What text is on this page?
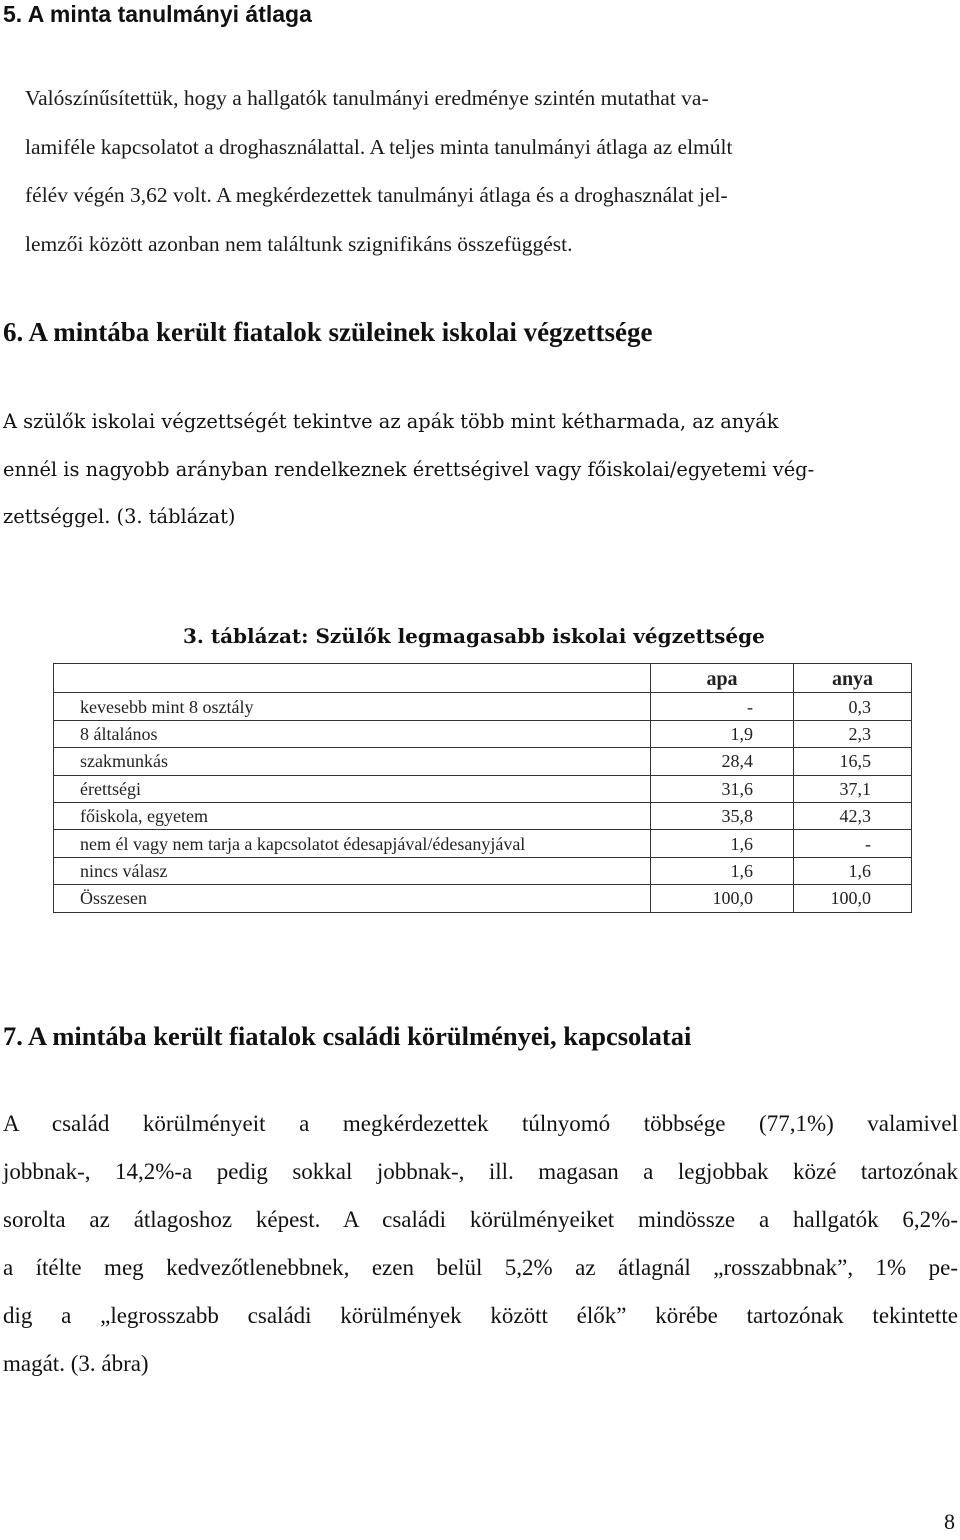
5. A minta tanulmányi átlaga

Valószínűsítettük, hogy a hallgatók tanulmányi eredménye szintén mutathat va-
lamiféle kapcsolatot a droghasználattal. A teljes minta tanulmányi átlaga az elmúlt
félév végén 3,62 volt. A megkérdezettek tanulmányi átlaga és a droghasználat jel-
lemzői között azonban nem találtunk szignifikáns összefüggést.

6. A mintába került fiatalok szüleinek iskolai végzettsége

A szülők iskolai végzettségét tekintve az apák több mint kétharmada, az anyák
ennél is nagyobb arányban rendelkeznek érettségivel vagy főiskolai/egyetemi vég-
zettséggel. (3. táblázat)

3. táblázat: Szülők legmagasabb iskolai végzettsége

	apa	anya
kevesebb mint 8 osztály	-	0,3
8 általános	1,9	2,3
szakmunkás	28,4	16,5
érettségi	31,6	37,1
főiskola, egyetem	35,8	42,3
nem él vagy nem tarja a kapcsolatot édesapjával/édesanyjával	1,6	-
nincs válasz	1,6	1,6
Összesen	100,0	100,0
7. A mintába került fiatalok családi körülményei, kapcsolatai

A család körülményeit a megkérdezettek túlnyomó többsége (77,1%) valamivel
jobbnak-, 14,2%-a pedig sokkal jobbnak-, ill. magasan a legjobbak közé tartozónak
sorolta az átlagoshoz képest. A családi körülményeiket mindössze a hallgatók 6,2%-
a ítélte meg kedvezőtlenebbnek, ezen belül 5,2% az átlagnál „rosszabbnak”, 1% pe-
dig a „legrosszabb családi körülmények között élők” körébe tartozónak tekintette
magát. (3. ábra)

8
